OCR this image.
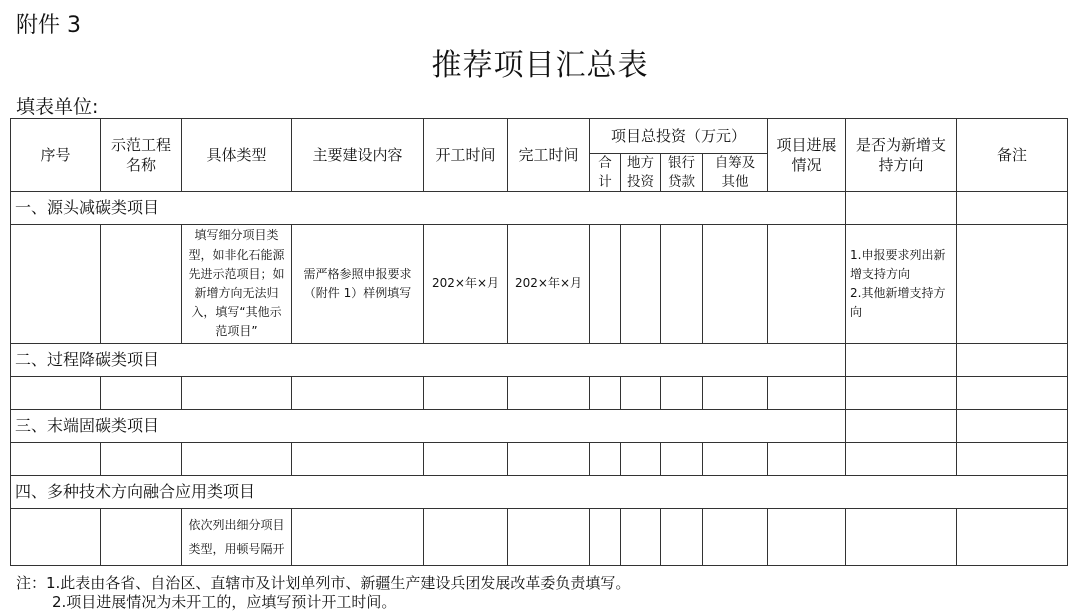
附件 3
推荐项目汇总表
填表单位:
序号	示范工程名称	具体类型	主要建设内容	开工时间	完工时间	项目总投资（万元）				项目进展情况	是否为新增支持方向	备注
						合计	地方投资	银行贷款	自筹及其他			
一、源头减碳类项目												
		填写细分项目类型，如非化石能源先进示范项目；如新增方向无法归入，填写“其他示范项目”	需严格参照申报要求（附件 1）样例填写	202×年×月	202×年×月						1.申报要求列出新增支持方向
2.其他新增支持方向	
二、过程降碳类项目												

三、末端固碳类项目												

四、多种技术方向融合应用类项目												
		依次列出细分项目类型，用顿号隔开										
注：1.此表由各省、自治区、直辖市及计划单列市、新疆生产建设兵团发展改革委负责填写。
2.项目进展情况为未开工的，应填写预计开工时间。
